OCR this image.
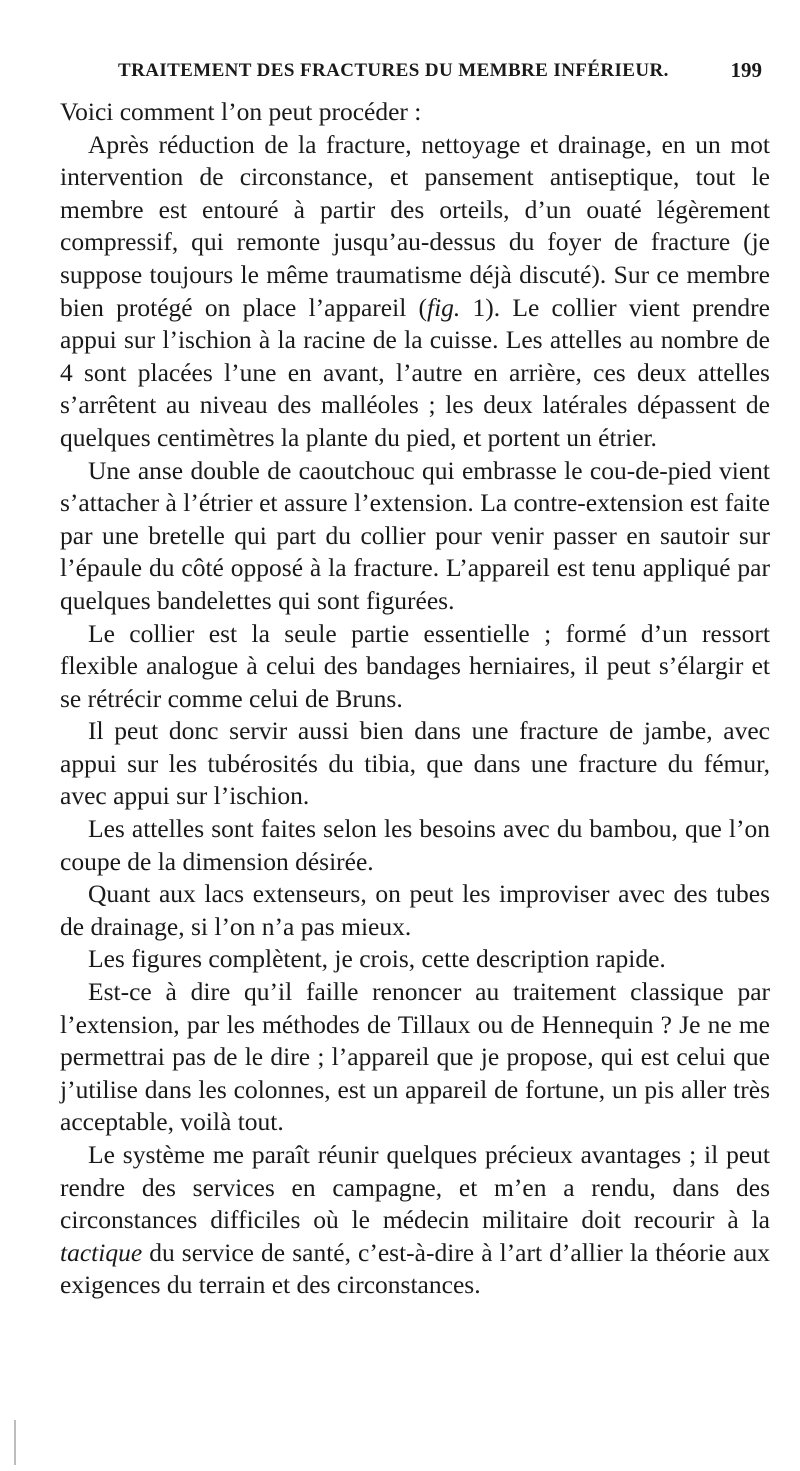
TRAITEMENT DES FRACTURES DU MEMBRE INFÉRIEUR.	199

Voici comment l’on peut procéder :

Après réduction de la fracture, nettoyage et drainage, en un mot intervention de circonstance, et pansement antiseptique, tout le membre est entouré à partir des orteils, d’un ouaté légèrement compressif, qui remonte jusqu’au-dessus du foyer de fracture (je suppose toujours le même traumatisme déjà discuté). Sur ce membre bien protégé on place l’appareil (fig. 1). Le collier vient prendre appui sur l’ischion à la racine de la cuisse. Les attelles au nombre de 4 sont placées l’une en avant, l’autre en arrière, ces deux attelles s’arrêtent au niveau des malléoles ; les deux latérales dépassent de quelques centimètres la plante du pied, et portent un étrier.

Une anse double de caoutchouc qui embrasse le cou-de-pied vient s’attacher à l’étrier et assure l’extension. La contre-extension est faite par une bretelle qui part du collier pour venir passer en sautoir sur l’épaule du côté opposé à la fracture. L’appareil est tenu appliqué par quelques bandelettes qui sont figurées.

Le collier est la seule partie essentielle ; formé d’un ressort flexible analogue à celui des bandages herniaires, il peut s’élargir et se rétrécir comme celui de Bruns.

Il peut donc servir aussi bien dans une fracture de jambe, avec appui sur les tubérosités du tibia, que dans une fracture du fémur, avec appui sur l’ischion.

Les attelles sont faites selon les besoins avec du bambou, que l’on coupe de la dimension désirée.

Quant aux lacs extenseurs, on peut les improviser avec des tubes de drainage, si l’on n’a pas mieux.

Les figures complètent, je crois, cette description rapide.

Est-ce à dire qu’il faille renoncer au traitement classique par l’extension, par les méthodes de Tillaux ou de Hennequin ? Je ne me permettrai pas de le dire ; l’appareil que je propose, qui est celui que j’utilise dans les colonnes, est un appareil de fortune, un pis aller très acceptable, voilà tout.

Le système me paraît réunir quelques précieux avantages ; il peut rendre des services en campagne, et m’en a rendu, dans des circonstances difficiles où le médecin militaire doit recourir à la tactique du service de santé, c’est-à-dire à l’art d’allier la théorie aux exigences du terrain et des circonstances.
